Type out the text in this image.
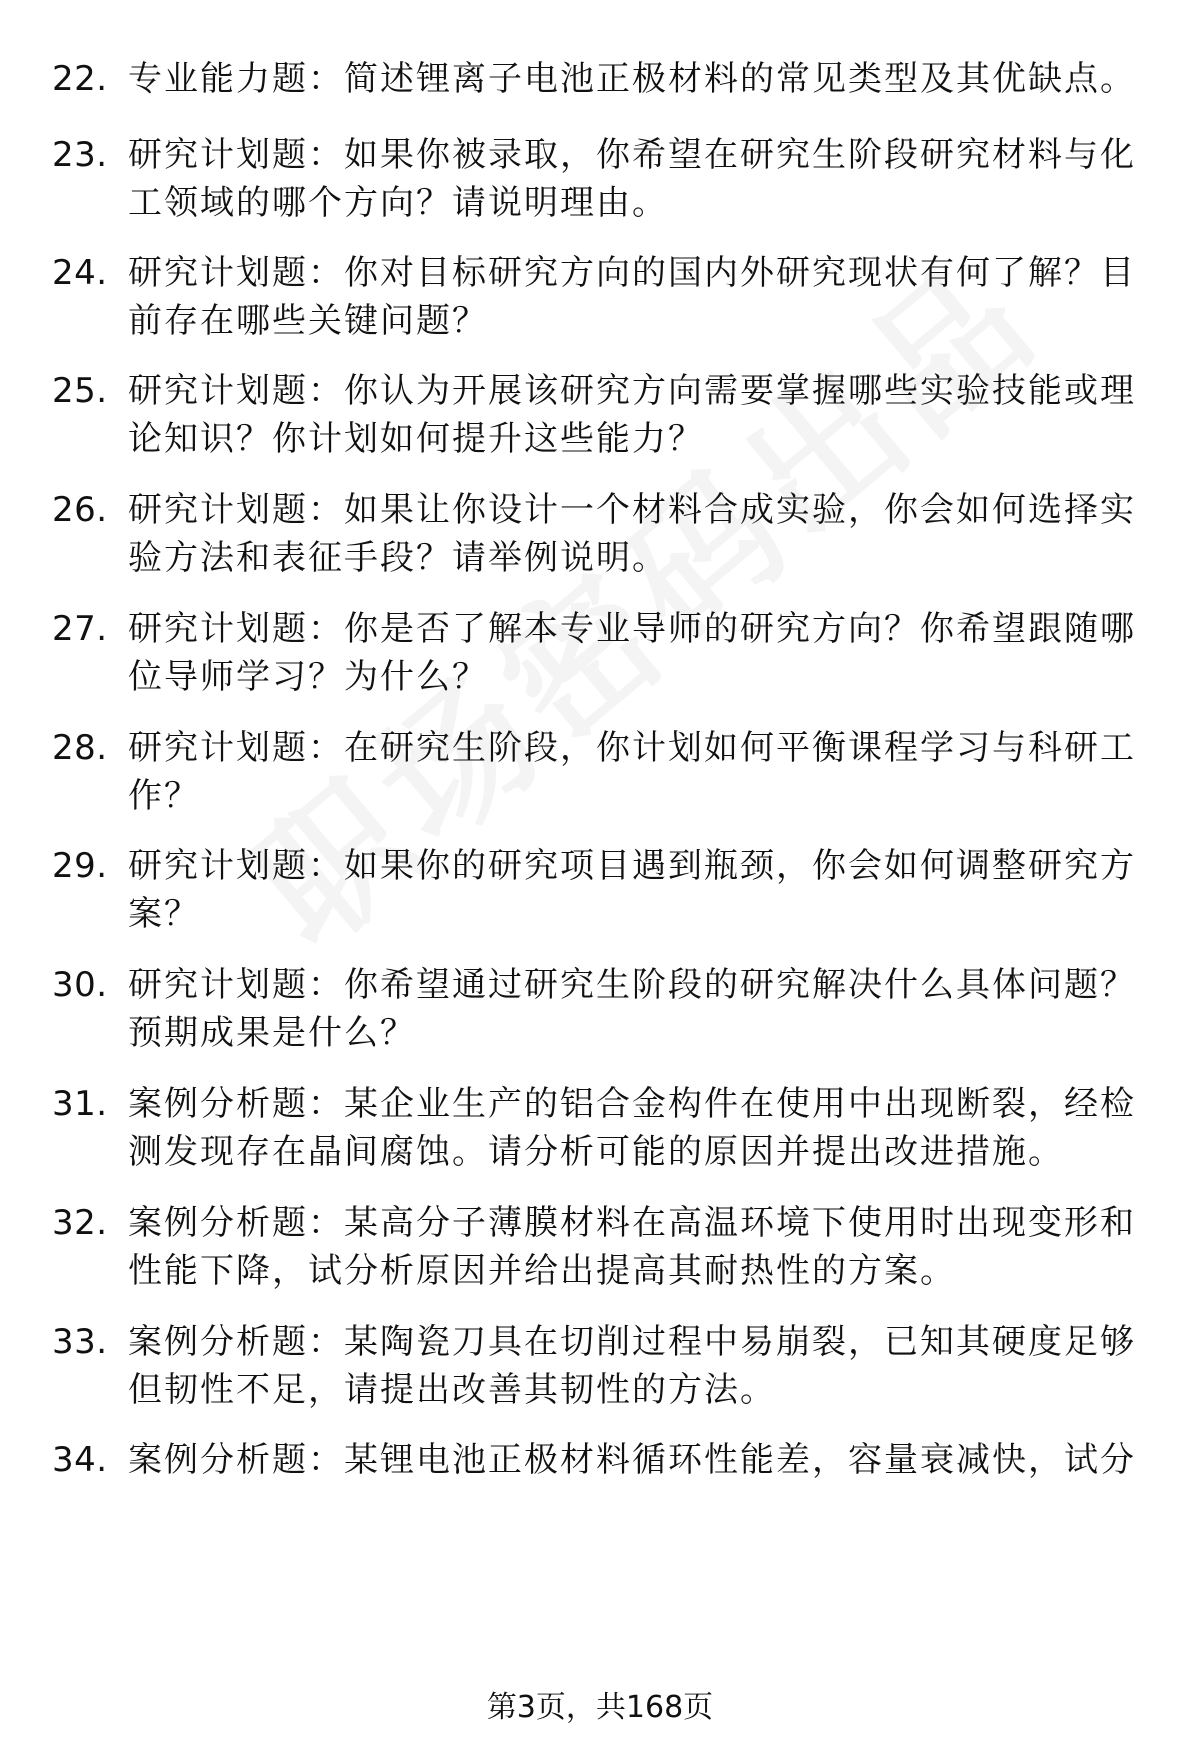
22. 专业能力题：简述锂离子电池正极材料的常见类型及其优缺点。
23. 研究计划题：如果你被录取，你希望在研究生阶段研究材料与化工领域的哪个方向？请说明理由。
24. 研究计划题：你对目标研究方向的国内外研究现状有何了解？目前存在哪些关键问题？
25. 研究计划题：你认为开展该研究方向需要掌握哪些实验技能或理论知识？你计划如何提升这些能力？
26. 研究计划题：如果让你设计一个材料合成实验，你会如何选择实验方法和表征手段？请举例说明。
27. 研究计划题：你是否了解本专业导师的研究方向？你希望跟随哪位导师学习？为什么？
28. 研究计划题：在研究生阶段，你计划如何平衡课程学习与科研工作？
29. 研究计划题：如果你的研究项目遇到瓶颈，你会如何调整研究方案？
30. 研究计划题：你希望通过研究生阶段的研究解决什么具体问题？预期成果是什么？
31. 案例分析题：某企业生产的铝合金构件在使用中出现断裂，经检测发现存在晶间腐蚀。请分析可能的原因并提出改进措施。
32. 案例分析题：某高分子薄膜材料在高温环境下使用时出现变形和性能下降，试分析原因并给出提高其耐热性的方案。
33. 案例分析题：某陶瓷刀具在切削过程中易崩裂，已知其硬度足够但韧性不足，请提出改善其韧性的方法。
34. 案例分析题：某锂电池正极材料循环性能差，容量衰减快，试分
第3页，共168页
